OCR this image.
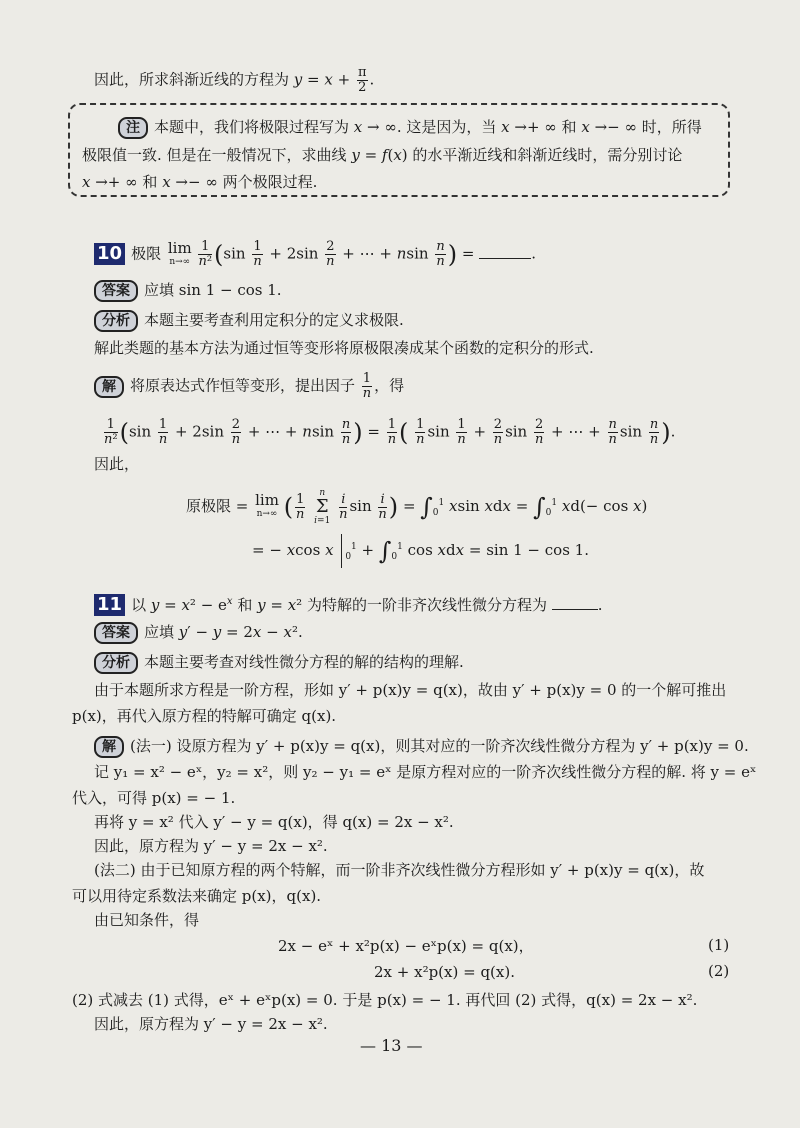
因此，所求斜渐近线的方程为 $y = x + \frac{\pi}{2}$ .
注 本题中，我们将极限过程写为 x → ∞. 这是因为，当 x →+ ∞ 和 x →− ∞ 时，所得
极限值一致. 但是在一般情况下，求曲线 y = f(x) 的水平渐近线和斜渐近线时，需分别讨论
x →+ ∞ 和 x →− ∞ 两个极限过程.
10 极限 lim
n→∞
$\frac{1}{\text{n²}} (\sin \frac{1}{n} + 2\sin \frac{2}{n}$ + ⋯ + nsin $\frac{n}{n}$ ) =	.
答案 应填 sin 1 − cos 1.
分析 本题主要考查利用定积分的定义求极限.
解此类题的基本方法为通过恒等变形将原极限凑成某个函数的定积分的形式.
解 将原表达式作恒等变形，提出因子 $\frac{1}{n}$ ，得
$\frac{1}{\text{n²}} (\sin \frac{1}{n} + 2\sin \frac{2}{n}$ + ⋯ + nsin $\frac{n}{n}$ ) = $\frac{1}{n}$ ( $\frac{1}{n}$ $\sin \frac{1}{n} + \frac{2}{n}$ $\sin \frac{2}{n}$ + ⋯ + $\frac{n}{n}$ $\sin \frac{n}{n}$ ).
因此，
原极限 = lim
n→∞ ( $\frac{1}{n}$
	n
Σ
i=1
$\frac{i}{n}$ $\sin \frac{i}{n}$ ) = $\int_0^1$ xsin xdx = $\int_0^1$ xd(− cos x)
= − xcos x $_0^1 + \int_0^1$ cos xdx = sin 1 − cos 1.
11 以 $y = x^2 - e^x$ 和 y = x² 为特解的一阶非齐次线性微分方程为	.
答案 应填 y′ − y = 2x − x².
分析 本题主要考查对线性微分方程的解的结构的理解.
由于本题所求方程是一阶方程，形如 y′ + p(x)y = q(x)，故由 y′ + p(x)y = 0 的一个解可推出
p(x)，再代入原方程的特解可确定 q(x).
解 (法一) 设原方程为 y′ + p(x)y = q(x)，则其对应的一阶齐次线性微分方程为 y′ + p(x)y = 0.
记 y₁ = x² − eˣ，y₂ = x²，则 y₂ − y₁ = eˣ 是原方程对应的一阶齐次线性微分方程的解. 将 y = eˣ
代入，可得 p(x) = − 1.
再将 y = x² 代入 y′ − y = q(x)，得 q(x) = 2x − x².
因此，原方程为 y′ − y = 2x − x².
(法二) 由于已知原方程的两个特解，而一阶非齐次线性微分方程形如 y′ + p(x)y = q(x)，故
可以用待定系数法来确定 p(x)，q(x).
由已知条件，得
2x − eˣ + x²p(x) − eˣp(x) = q(x)，	(1)
2x + x²p(x) = q(x).	(2)
(2) 式减去 (1) 式得，eˣ + eˣp(x) = 0. 于是 p(x) = − 1. 再代回 (2) 式得，q(x) = 2x − x².
因此，原方程为 y′ − y = 2x − x².
— 13 —
